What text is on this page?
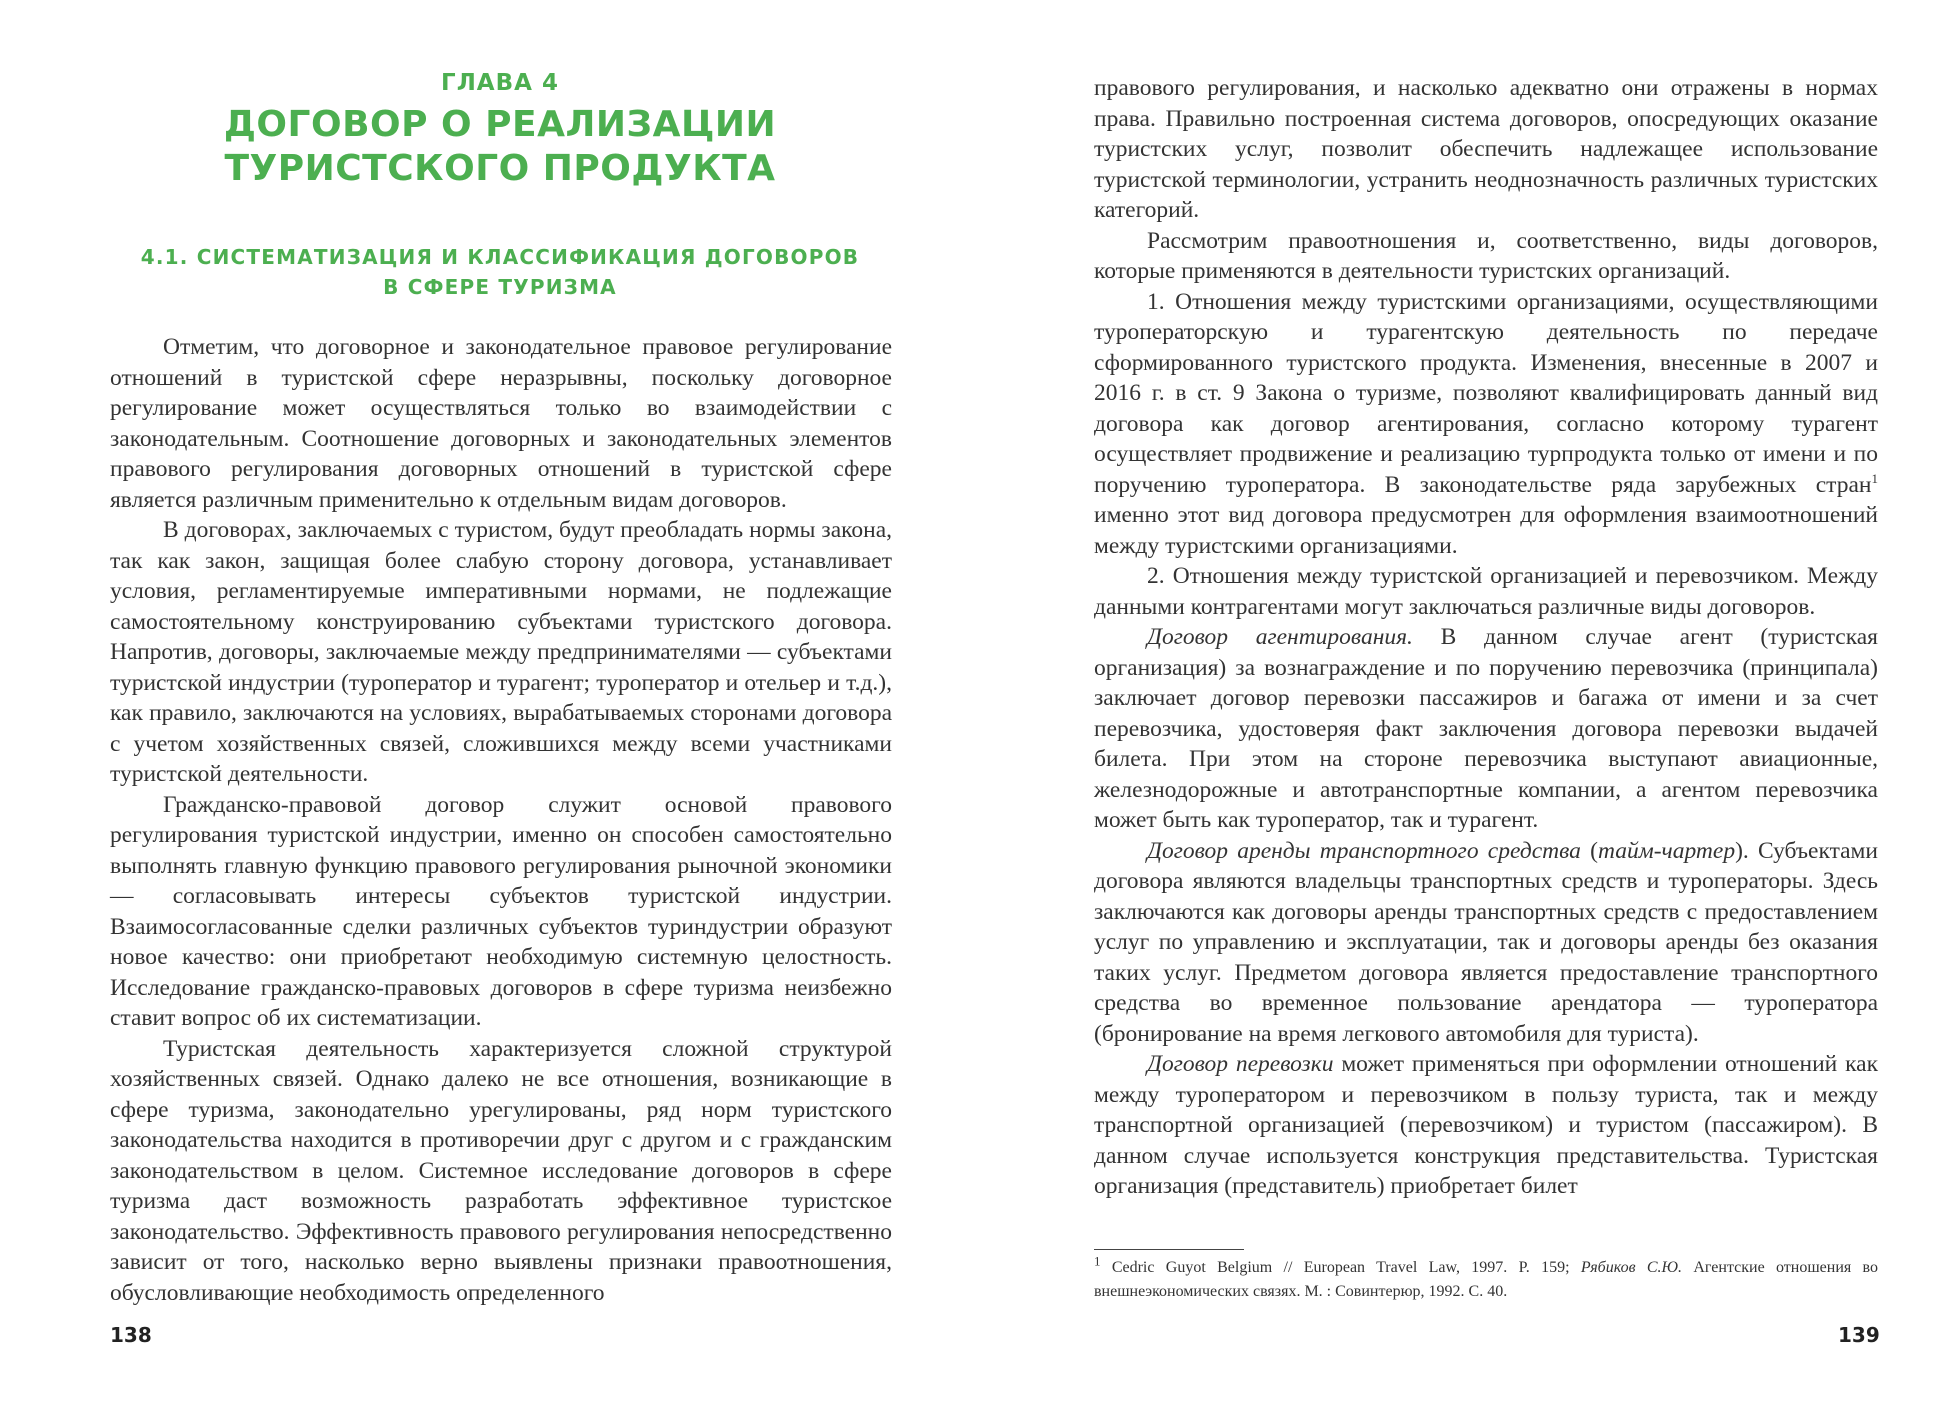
ГЛАВА 4
ДОГОВОР О РЕАЛИЗАЦИИ ТУРИСТСКОГО ПРОДУКТА
4.1. СИСТЕМАТИЗАЦИЯ И КЛАССИФИКАЦИЯ ДОГОВОРОВ В СФЕРЕ ТУРИЗМА

Отметим, что договорное и законодательное правовое регулирование отношений в туристской сфере неразрывны, поскольку договорное регулирование может осуществляться только во взаимодействии с законодательным. Соотношение договорных и законодательных элементов правового регулирования договорных отношений в туристской сфере является различным применительно к отдельным видам договоров.

В договорах, заключаемых с туристом, будут преобладать нормы закона, так как закон, защищая более слабую сторону договора, устанавливает условия, регламентируемые императивными нормами, не подлежащие самостоятельному конструированию субъектами туристского договора. Напротив, договоры, заключаемые между предпринимателями — субъектами туристской индустрии (туроператор и турагент; туроператор и отельер и т.д.), как правило, заключаются на условиях, вырабатываемых сторонами договора с учетом хозяйственных связей, сложившихся между всеми участниками туристской деятельности.

Гражданско-правовой договор служит основой правового регулирования туристской индустрии, именно он способен самостоятельно выполнять главную функцию правового регулирования рыночной экономики — согласовывать интересы субъектов туристской индустрии. Взаимосогласованные сделки различных субъектов туриндустрии образуют новое качество: они приобретают необходимую системную целостность. Исследование гражданско-правовых договоров в сфере туризма неизбежно ставит вопрос об их систематизации.

Туристская деятельность характеризуется сложной структурой хозяйственных связей. Однако далеко не все отношения, возникающие в сфере туризма, законодательно урегулированы, ряд норм туристского законодательства находится в противоречии друг с другом и с гражданским законодательством в целом. Системное исследование договоров в сфере туризма даст возможность разработать эффективное туристское законодательство. Эффективность правового регулирования непосредственно зависит от того, насколько верно выявлены признаки правоотношения, обусловливающие необходимость определенного

138

правового регулирования, и насколько адекватно они отражены в нормах права. Правильно построенная система договоров, опосредующих оказание туристских услуг, позволит обеспечить надлежащее использование туристской терминологии, устранить неоднозначность различных туристских категорий.

Рассмотрим правоотношения и, соответственно, виды договоров, которые применяются в деятельности туристских организаций.

1. Отношения между туристскими организациями, осуществляющими туроператорскую и турагентскую деятельность по передаче сформированного туристского продукта. Изменения, внесенные в 2007 и 2016 г. в ст. 9 Закона о туризме, позволяют квалифицировать данный вид договора как договор агентирования, согласно которому турагент осуществляет продвижение и реализацию турпродукта только от имени и по поручению туроператора. В законодательстве ряда зарубежных стран$^1$ именно этот вид договора предусмотрен для оформления взаимоотношений между туристскими организациями.

2. Отношения между туристской организацией и перевозчиком. Между данными контрагентами могут заключаться различные виды договоров.

Договор агентирования. В данном случае агент (туристская организация) за вознаграждение и по поручению перевозчика (принципала) заключает договор перевозки пассажиров и багажа от имени и за счет перевозчика, удостоверяя факт заключения договора перевозки выдачей билета. При этом на стороне перевозчика выступают авиационные, железнодорожные и автотранспортные компании, а агентом перевозчика может быть как туроператор, так и турагент.

Договор аренды транспортного средства (тайм-чартер). Субъектами договора являются владельцы транспортных средств и туроператоры. Здесь заключаются как договоры аренды транспортных средств с предоставлением услуг по управлению и эксплуатации, так и договоры аренды без оказания таких услуг. Предметом договора является предоставление транспортного средства во временное пользование арендатора — туроператора (бронирование на время легкового автомобиля для туриста).

Договор перевозки может применяться при оформлении отношений как между туроператором и перевозчиком в пользу туриста, так и между транспортной организацией (перевозчиком) и туристом (пассажиром). В данном случае используется конструкция представительства. Туристская организация (представитель) приобретает билет

$^1$ Cedric Guyot Belgium // European Travel Law, 1997. P. 159; Рябиков С.Ю. Агентские отношения во внешнеэкономических связях. М. : Совинтерюр, 1992. С. 40.
139
